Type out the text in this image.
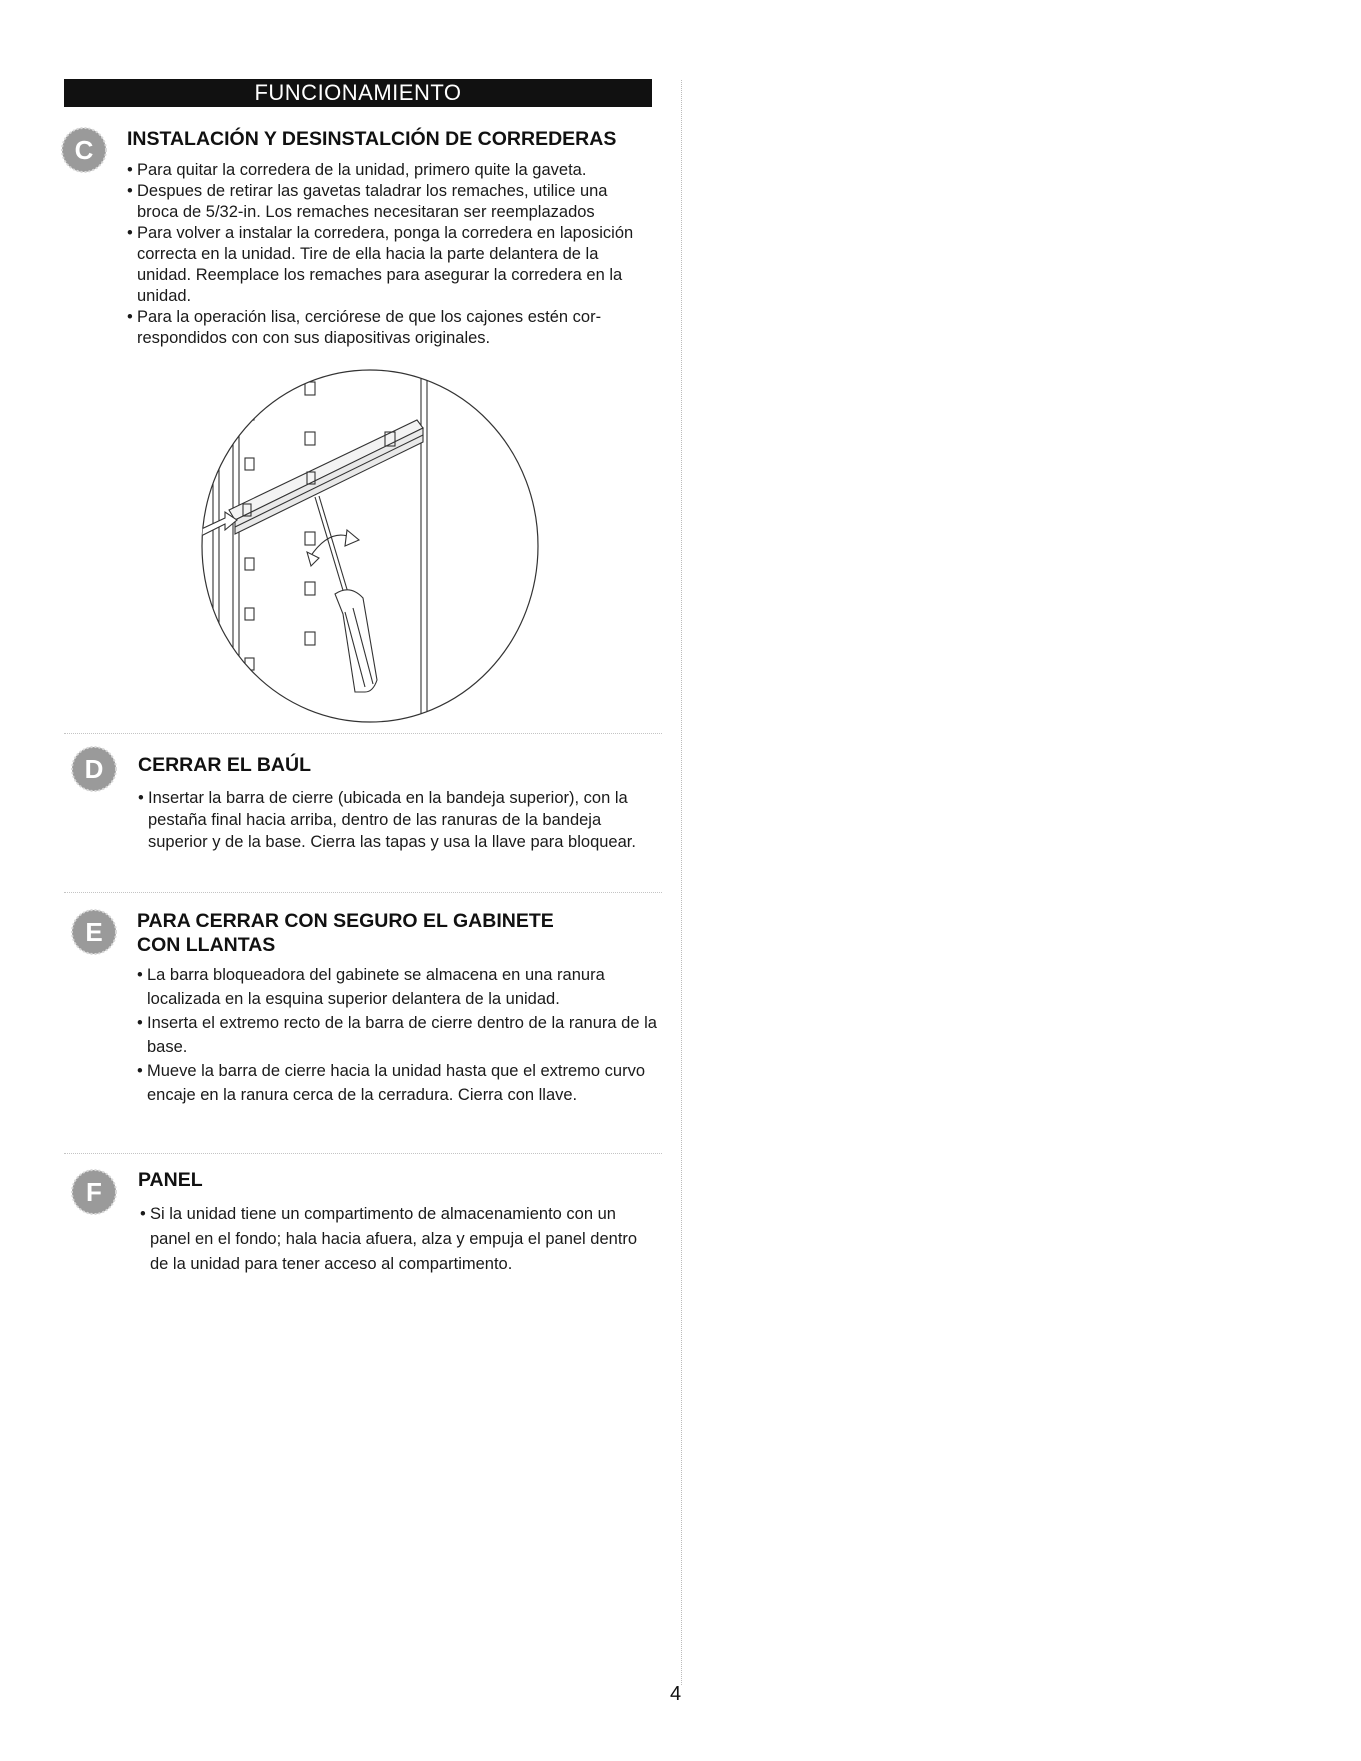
FUNCIONAMIENTO
C INSTALACIÓN Y DESINSTALCIÓN DE CORREDERAS
• Para quitar la corredera de la unidad, primero quite la gaveta.
• Despues de retirar las gavetas taladrar los remaches, utilice una broca de 5/32-in. Los remaches necesitaran ser reemplazados
• Para volver a instalar la corredera, ponga la corredera en laposición correcta en la unidad. Tire de ella hacia la parte delantera de la unidad. Reemplace los remaches para asegurar la corredera en la unidad.
• Para la operación lisa, cerciórese de que los cajones estén cor-respondidos con con sus diapositivas originales.
D CERRAR EL BAÚL
• Insertar la barra de cierre (ubicada en la bandeja superior), con la pestaña final hacia arriba, dentro de las ranuras de la bandeja superior y de la base. Cierra las tapas y usa la llave para bloquear.
E PARA CERRAR CON SEGURO EL GABINETE
CON LLANTAS
• La barra bloqueadora del gabinete se almacena en una ranura localizada en la esquina superior delantera de la unidad.
• Inserta el extremo recto de la barra de cierre dentro de la ranura de la base.
• Mueve la barra de cierre hacia la unidad hasta que el extremo curvo encaje en la ranura cerca de la cerradura. Cierra con llave.
F PANEL
• Si la unidad tiene un compartimento de almacenamiento con un panel en el fondo; hala hacia afuera, alza y empuja el panel dentro de la unidad para tener acceso al compartimento.
4
